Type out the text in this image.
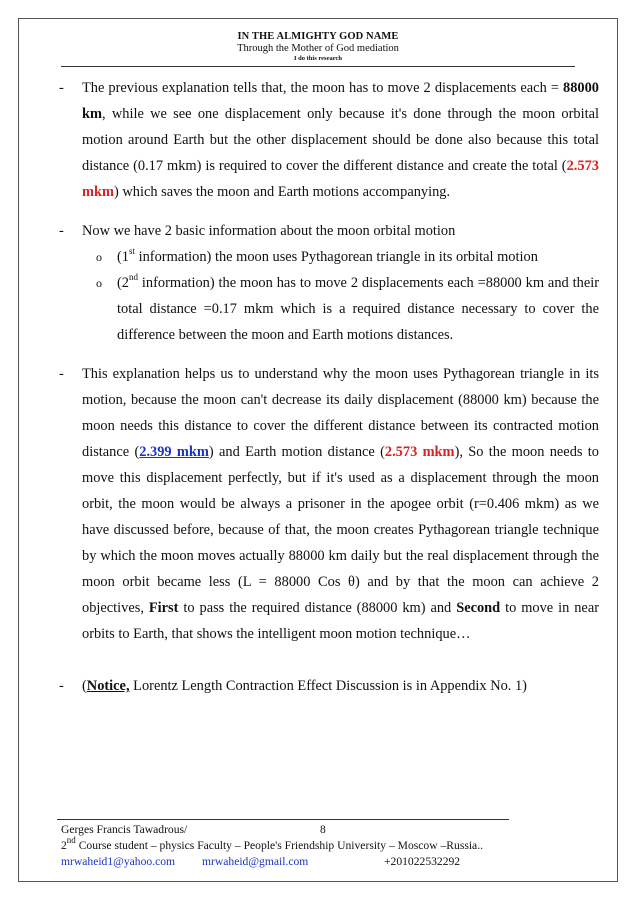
IN THE ALMIGHTY GOD NAME
Through the Mother of God mediation
I do this research
- The previous explanation tells that, the moon has to move 2 displacements each = 88000 km, while we see one displacement only because it's done through the moon orbital motion around Earth but the other displacement should be done also because this total distance (0.17 mkm) is required to cover the different distance and create the total (2.573 mkm) which saves the moon and Earth motions accompanying.
- Now we have 2 basic information about the moon orbital motion
o (1st information) the moon uses Pythagorean triangle in its orbital motion
o (2nd information) the moon has to move 2 displacements each =88000 km and their total distance =0.17 mkm which is a required distance necessary to cover the difference between the moon and Earth motions distances.
- This explanation helps us to understand why the moon uses Pythagorean triangle in its motion, because the moon can't decrease its daily displacement (88000 km) because the moon needs this distance to cover the different distance between its contracted motion distance (2.399 mkm) and Earth motion distance (2.573 mkm), So the moon needs to move this displacement perfectly, but if it's used as a displacement through the moon orbit, the moon would be always a prisoner in the apogee orbit (r=0.406 mkm) as we have discussed before, because of that, the moon creates Pythagorean triangle technique by which the moon moves actually 88000 km daily but the real displacement through the moon orbit became less (L = 88000 Cos θ) and by that the moon can achieve 2 objectives, First to pass the required distance (88000 km) and Second to move in near orbits to Earth, that shows the intelligent moon motion technique…
- (Notice, Lorentz Length Contraction Effect Discussion is in Appendix No. 1)
Gerges Francis Tawadrous/	8
2nd Course student – physics Faculty – People's Friendship University – Moscow –Russia..
mrwaheid1@yahoo.com mrwaheid@gmail.com	+201022532292
